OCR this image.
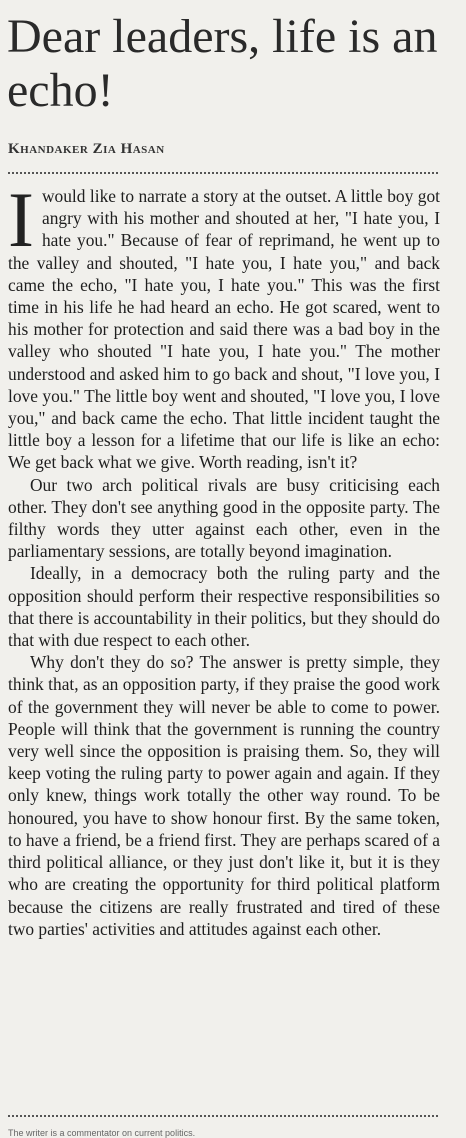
Dear leaders, life is an echo!
Khandaker Zia Hasan

I would like to narrate a story at the outset. A little boy got angry with his mother and shouted at her, "I hate you, I hate you." Because of fear of reprimand, he went up to the valley and shouted, "I hate you, I hate you," and back came the echo, "I hate you, I hate you." This was the first time in his life he had heard an echo. He got scared, went to his mother for protection and said there was a bad boy in the valley who shouted "I hate you, I hate you." The mother understood and asked him to go back and shout, "I love you, I love you." The little boy went and shouted, "I love you, I love you," and back came the echo. That little incident taught the little boy a lesson for a lifetime that our life is like an echo: We get back what we give. Worth reading, isn't it?

Our two arch political rivals are busy criticising each other. They don't see anything good in the opposite party. The filthy words they utter against each other, even in the parliamentary sessions, are totally beyond imagination.

Ideally, in a democracy both the ruling party and the opposition should perform their respective responsibilities so that there is accountability in their politics, but they should do that with due respect to each other.

Why don't they do so? The answer is pretty simple, they think that, as an opposition party, if they praise the good work of the government they will never be able to come to power. People will think that the government is running the country very well since the opposition is praising them. So, they will keep voting the ruling party to power again and again. If they only knew, things work totally the other way round. To be honoured, you have to show honour first. By the same token, to have a friend, be a friend first. They are perhaps scared of a third political alliance, or they just don't like it, but it is they who are creating the opportunity for third political platform because the citizens are really frustrated and tired of these two parties' activities and attitudes against each other.

The writer is a commentator on current politics.
